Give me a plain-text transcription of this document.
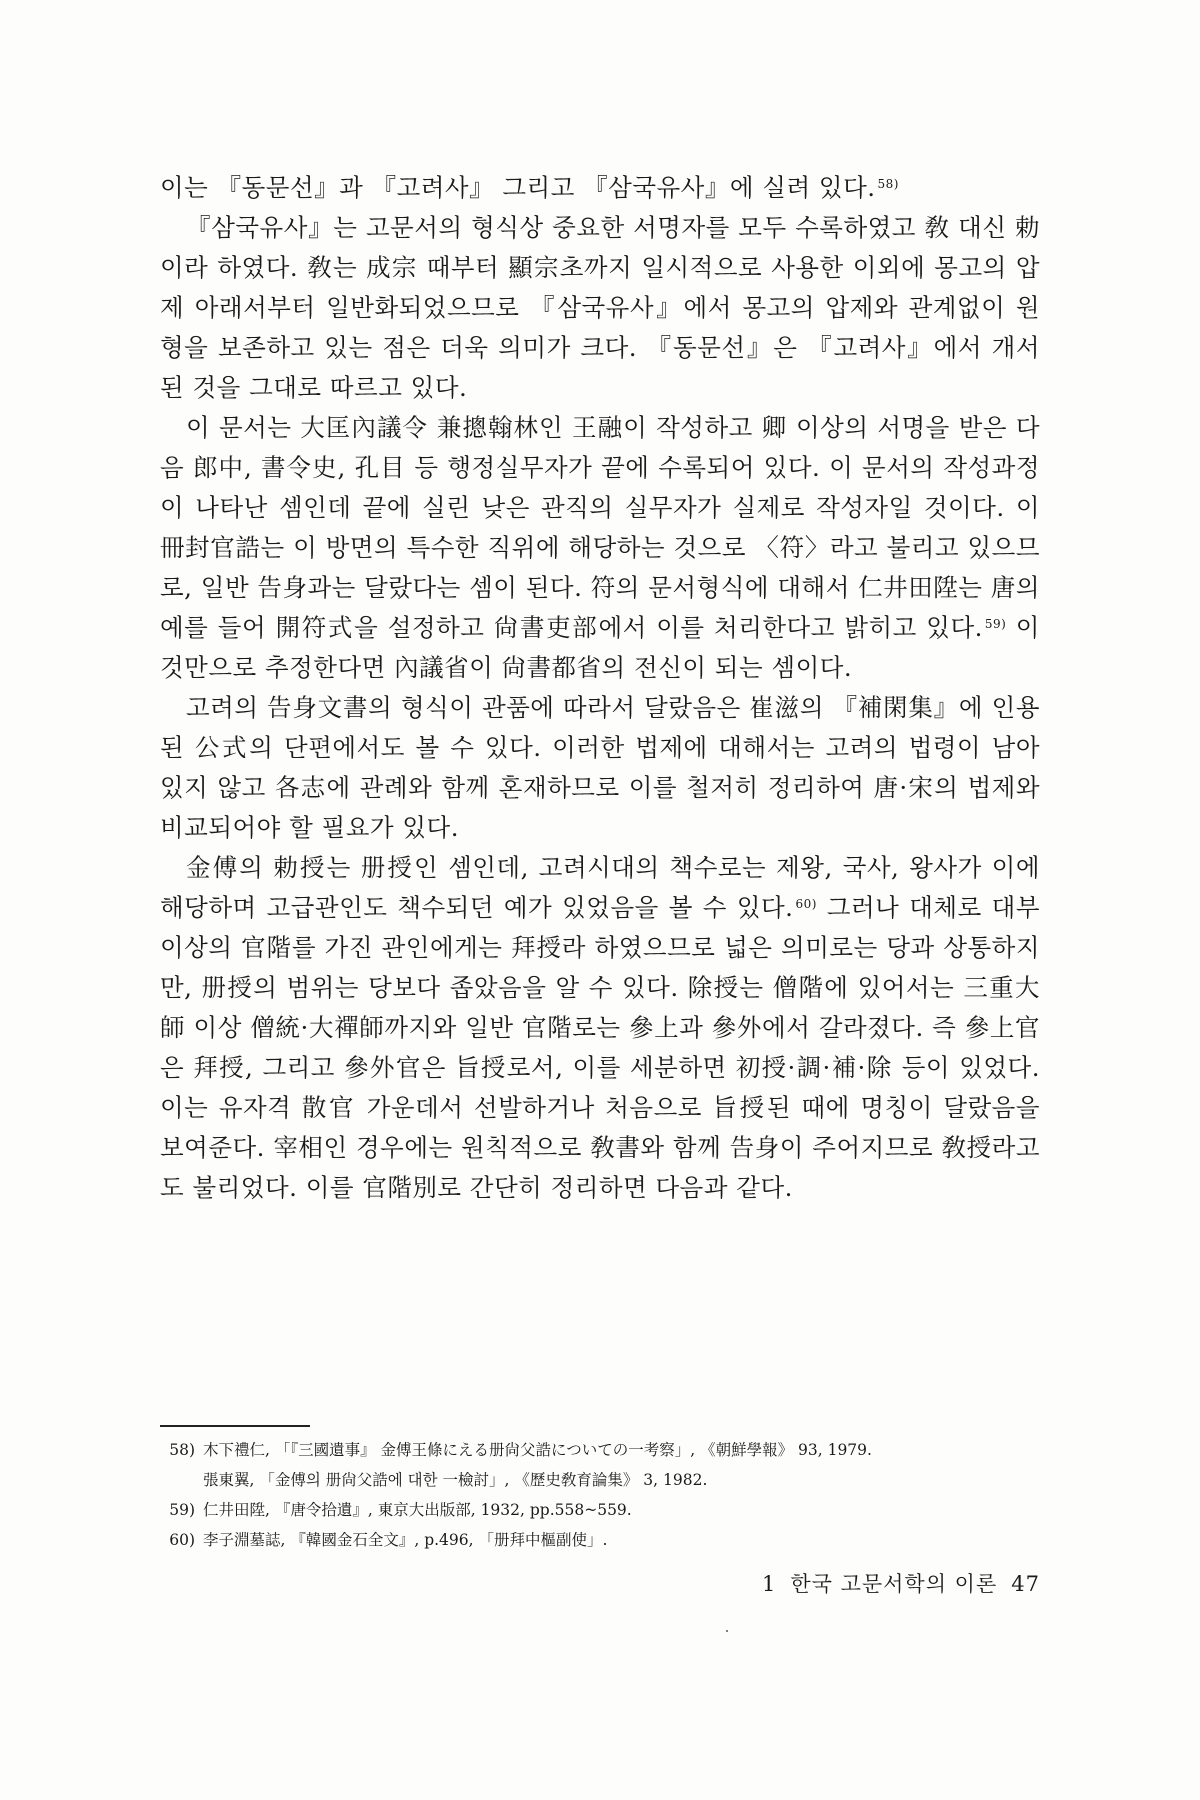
이는 『동문선』과 『고려사』 그리고 『삼국유사』에 실려 있다. $^{58)}$

『삼국유사』는 고문서의 형식상 중요한 서명자를 모두 수록하였고 敎 대신 勅이라 하였다. 敎는 成宗 때부터 顯宗초까지 일시적으로 사용한 이외에 몽고의 압제 아래서부터 일반화되었으므로 『삼국유사』에서 몽고의 압제와 관계없이 원형을 보존하고 있는 점은 더욱 의미가 크다. 『동문선』은 『고려사』에서 개서된 것을 그대로 따르고 있다.

이 문서는 大匡內議令 兼摠翰林인 王融이 작성하고 卿 이상의 서명을 받은 다음 郎中, 書令史, 孔目 등 행정실무자가 끝에 수록되어 있다. 이 문서의 작성과정이 나타난 셈인데 끝에 실린 낮은 관직의 실무자가 실제로 작성자일 것이다. 이 冊封官誥는 이 방면의 특수한 직위에 해당하는 것으로 〈符〉라고 불리고 있으므로, 일반 告身과는 달랐다는 셈이 된다. 符의 문서형식에 대해서 仁井田陞는 唐의 예를 들어 開符式을 설정하고 尙書吏部에서 이를 처리한다고 밝히고 있다. $^{59)}$ 이것만으로 추정한다면 內議省이 尙書都省의 전신이 되는 셈이다.

고려의 告身文書의 형식이 관품에 따라서 달랐음은 崔滋의 『補閑集』에 인용된 公式의 단편에서도 볼 수 있다. 이러한 법제에 대해서는 고려의 법령이 남아 있지 않고 各志에 관례와 함께 혼재하므로 이를 철저히 정리하여 唐·宋의 법제와 비교되어야 할 필요가 있다.

金傅의 勅授는 册授인 셈인데, 고려시대의 책수로는 제왕, 국사, 왕사가 이에 해당하며 고급관인도 책수되던 예가 있었음을 볼 수 있다. $^{60)}$ 그러나 대체로 대부 이상의 官階를 가진 관인에게는 拜授라 하였으므로 넓은 의미로는 당과 상통하지만, 册授의 범위는 당보다 좁았음을 알 수 있다. 除授는 僧階에 있어서는 三重大師 이상 僧統·大禪師까지와 일반 官階로는 參上과 參外에서 갈라졌다. 즉 參上官은 拜授, 그리고 參外官은 旨授로서, 이를 세분하면 初授·調·補·除 등이 있었다. 이는 유자격 散官 가운데서 선발하거나 처음으로 旨授된 때에 명칭이 달랐음을 보여준다. 宰相인 경우에는 원칙적으로 敎書와 함께 告身이 주어지므로 敎授라고도 불리었다. 이를 官階別로 간단히 정리하면 다음과 같다.

58) 木下禮仁, 「『三國遺事』 金傅王條にえる册尙父誥についての一考察」, 《朝鮮學報》 93, 1979.
張東翼, 「金傅의 册尙父誥에 대한 一檢討」, 《歷史敎育論集》 3, 1982.
59) 仁井田陞, 『唐令拾遺』, 東京大出版部, 1932, pp.558~559.
60) 李子淵墓誌, 『韓國金石全文』, p.496, 「册拜中樞副使」.
1 한국 고문서학의 이론 47
